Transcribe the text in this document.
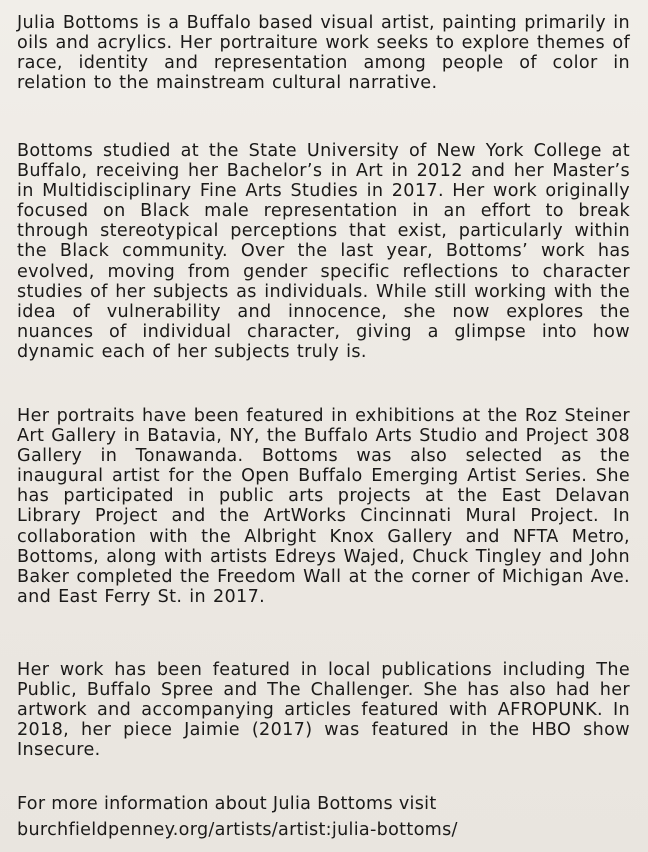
Julia Bottoms is a Buffalo based visual artist, painting primarily in oils and acrylics. Her portraiture work seeks to explore themes of race, identity and representation among people of color in relation to the mainstream cultural narrative.

Bottoms studied at the State University of New York College at Buffalo, receiving her Bachelor’s in Art in 2012 and her Master’s in Multidisciplinary Fine Arts Studies in 2017. Her work originally focused on Black male representation in an effort to break through stereotypical perceptions that exist, particularly within the Black community. Over the last year, Bottoms’ work has evolved, moving from gender specific reflections to character studies of her subjects as individuals. While still working with the idea of vulnerability and innocence, she now explores the nuances of individual character, giving a glimpse into how dynamic each of her subjects truly is.

Her portraits have been featured in exhibitions at the Roz Steiner Art Gallery in Batavia, NY, the Buffalo Arts Studio and Project 308 Gallery in Tonawanda. Bottoms was also selected as the inaugural artist for the Open Buffalo Emerging Artist Series. She has participated in public arts projects at the East Delavan Library Project and the ArtWorks Cincinnati Mural Project. In collaboration with the Albright Knox Gallery and NFTA Metro, Bottoms, along with artists Edreys Wajed, Chuck Tingley and John Baker completed the Freedom Wall at the corner of Michigan Ave. and East Ferry St. in 2017.

Her work has been featured in local publications including The Public, Buffalo Spree and The Challenger. She has also had her artwork and accompanying articles featured with AFROPUNK. In 2018, her piece Jaimie (2017) was featured in the HBO show Insecure.

For more information about Julia Bottoms visit

burchfieldpenney.org/artists/artist:julia-bottoms/
